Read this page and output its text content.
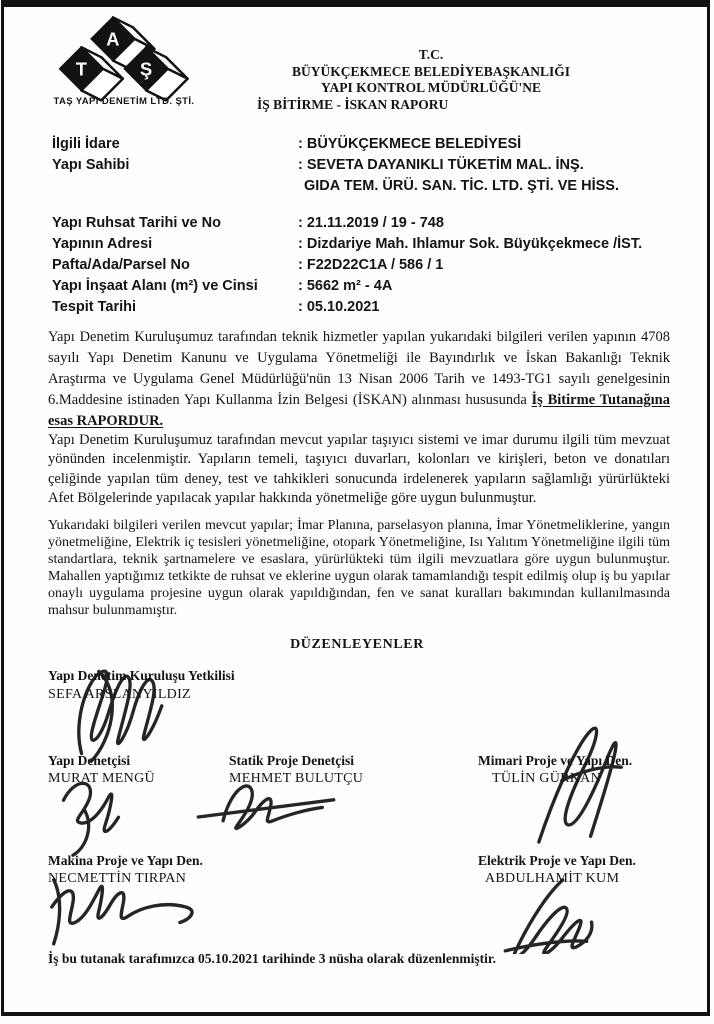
A
T Ş
TAŞ YAPI DENETİM LTD. ŞTİ.
T.C.
BÜYÜKÇEKMECE BELEDİYEBAŞKANLIĞI
YAPI KONTROL MÜDÜRLÜĞÜ'NE
İŞ BİTİRME - İSKAN RAPORU
İlgili İdare	: BÜYÜKÇEKMECE BELEDİYESİ
Yapı Sahibi	: SEVETA DAYANIKLI TÜKETİM MAL. İNŞ.
GIDA TEM. ÜRÜ. SAN. TİC. LTD. ŞTİ. VE HİSS.
Yapı Ruhsat Tarihi ve No	: 21.11.2019 / 19 - 748
Yapının Adresi	: Dizdariye Mah. Ihlamur Sok. Büyükçekmece /İST.
Pafta/Ada/Parsel No	: F22D22C1A / 586 / 1
Yapı İnşaat Alanı (m²) ve Cinsi	: 5662 m² - 4A
Tespit Tarihi	: 05.10.2021

Yapı Denetim Kuruluşumuz tarafından teknik hizmetler yapılan yukarıdaki bilgileri verilen yapının 4708 sayılı Yapı Denetim Kanunu ve Uygulama Yönetmeliği ile Bayındırlık ve İskan Bakanlığı Teknik Araştırma ve Uygulama Genel Müdürlüğü'nün 13 Nisan 2006 Tarih ve 1493-TG1 sayılı genelgesinin 6.Maddesine istinaden Yapı Kullanma İzin Belgesi (İSKAN) alınması hususunda İş Bitirme Tutanağına esas RAPORDUR.

Yapı Denetim Kuruluşumuz tarafından mevcut yapılar taşıyıcı sistemi ve imar durumu ilgili tüm mevzuat yönünden incelenmiştir. Yapıların temeli, taşıyıcı duvarları, kolonları ve kirişleri, beton ve donatıları çeliğinde yapılan tüm deney, test ve tahkikleri sonucunda irdelenerek yapıların sağlamlığı yürürlükteki Afet Bölgelerinde yapılacak yapılar hakkında yönetmeliğe göre uygun bulunmuştur.

Yukarıdaki bilgileri verilen mevcut yapılar; İmar Planına, parselasyon planına, İmar Yönetmeliklerine, yangın yönetmeliğine, Elektrik iç tesisleri yönetmeliğine, otopark Yönetmeliğine, Isı Yalıtım Yönetmeliğine ilgili tüm standartlara, teknik şartnamelere ve esaslara, yürürlükteki tüm ilgili mevzuatlara göre uygun bulunmuştur. Mahallen yaptığımız tetkikte de ruhsat ve eklerine uygun olarak tamamlandığı tespit edilmiş olup iş bu yapılar onaylı uygulama projesine uygun olarak yapıldığından, fen ve sanat kuralları bakımından kullanılmasında mahsur bulunmamıştır.

DÜZENLEYENLER
Yapı Denetim Kuruluşu Yetkilisi
SEFA ARSLANYILDIZ
Yapı Denetçisi
MURAT MENGÜ
Statik Proje Denetçisi
MEHMET BULUTÇU
Mimari Proje ve Yapı Den.
TÜLİN GÜRKAN
Makina Proje ve Yapı Den.
NECMETTİN TIRPAN
Elektrik Proje ve Yapı Den.
ABDULHAMİT KUM
İş bu tutanak tarafımızca 05.10.2021 tarihinde 3 nüsha olarak düzenlenmiştir.
